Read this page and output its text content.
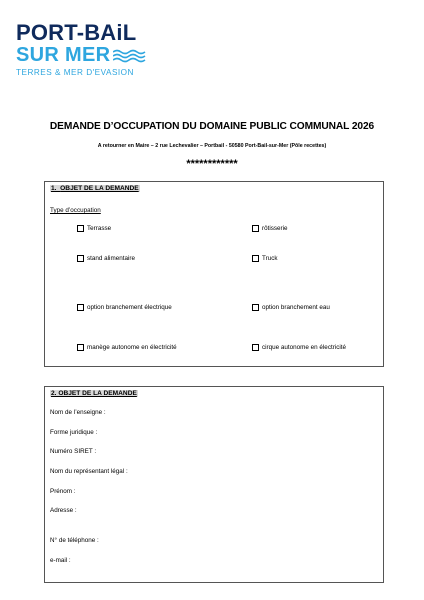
PORT-BAiL
SUR MER
TERRES & MER D'EVASION
DEMANDE D’OCCUPATION DU DOMAINE PUBLIC COMMUNAL 2026
A retourner en Maire – 2 rue Lechevalier – Portbail - 50580 Port-Bail-sur-Mer (Pôle recettes)
************
1. OBJET DE LA DEMANDE
Type d’occupation
Terrasse	rôtisserie
stand alimentaire	Truck
option branchement électrique	option branchement eau
manège autonome en électricité	cirque autonome en électricité
2. OBJET DE LA DEMANDE
Nom de l’enseigne :
Forme juridique :
Numéro SIRET :
Nom du représentant légal :
Prénom :
Adresse :
N° de téléphone :
e-mail :
